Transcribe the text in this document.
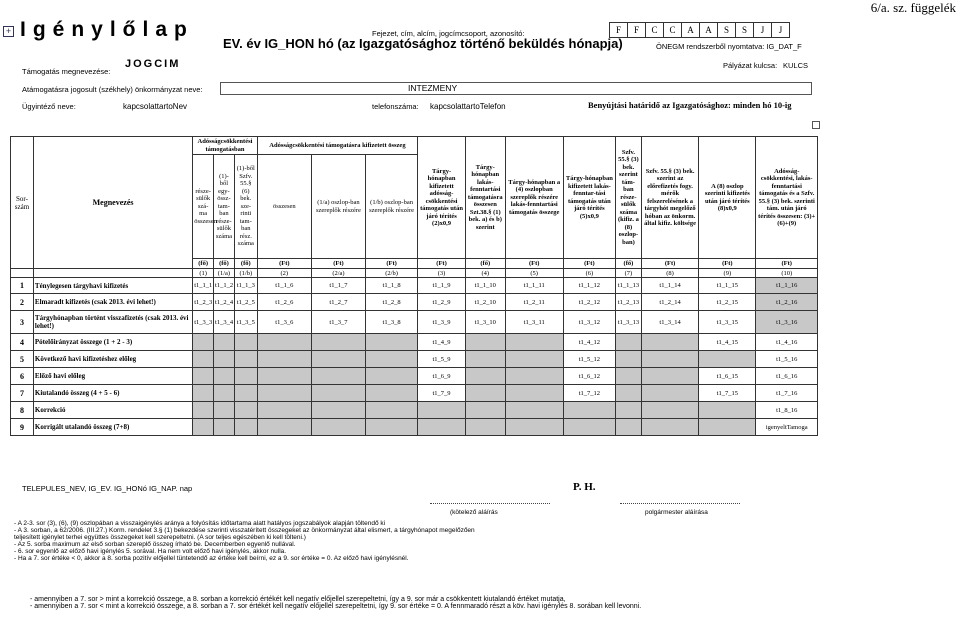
6/a. sz. függelék
+ Igénylőlap	Fejezet, cím, alcím, jogcímcsoport, azonosító:	F	F	C	C	A	A	S	S	J	J
EV. év IG_HON hó (az Igazgatósághoz történő beküldés hónapja)	ÖNEGM rendszerből nyomtatva: IG_DAT_F
Támogatás megnevezése:
JOGCIM	Pályázat kulcsa: KULCS
Atámogatásra jogosult (székhely) önkormányzat neve:	INTEZMENY
Ügyintéző neve:	kapcsolattartoNev	telefonszáma: kapcsolattartoTelefon	Benyújtási határidő az Igazgatósághoz: minden hó 10-ig
Sor-szám	Megnevezés	Adósságcsökkentési támogatásban			Adósságcsökkentési támogatásra kifizetett összeg			Tárgy-hónapban kifizetett adósság-csökkentési támogatás után járó térítés (2)x0,9	Tárgy-hónapban lakás-fenntartási támogatásra összesen Szt.38.§ (1) bek. a) és b) szerint	Tárgy-hónapban a (4) oszlopban szereplők részére lakás-fenntartási támogatás összege	Tárgy-hónapban kifizetett lakás-fenntar-tási támogatás után járó térítés (5)x0,9	Szfv. 55.§ (3) bek. szerint tám-ban része-sülők száma (kifiz. a (8) oszlop-ban)	Szfv. 55.§ (3) bek. szerint az előrefizetés fogy. mérők felszerelésének a tárgyhót megelőző hóban az önkorm. által kifiz. költsége	A (8) oszlop szerinti kifizetés után járó térítés (8)x0,9	Adósság-csökkentési, lakás-fenntartási támogatás és a Szfv. 55.§ (3) bek. szerinti tám. után járó térítés összesen: (3)+(6)+(9)
		része-sülők szá-ma összesen	(1)-ből egy-össz-tam-ban része-sülők száma	(1)-ből Szfv. 55.§ (6) bek. sze-rinti tam-ban rész. száma	összesen	(1/a) oszlop-ban szereplők részére	(1/b) oszlop-ban szereplők részére								
		(fő)	(fő)	(fő)	(Ft)	(Ft)	(Ft)	(Ft)	(fő)	(Ft)	(Ft)	(fő)	(Ft)	(Ft)	(Ft)
		(1)	(1/a)	(1/b)	(2)	(2/a)	(2/b)	(3)	(4)	(5)	(6)	(7)	(8)	(9)	(10)
1	Ténylegesen tárgyhavi kifizetés	t1_1_1	t1_1_2	t1_1_3	t1_1_6	t1_1_7	t1_1_8	t1_1_9	t1_1_10	t1_1_11	t1_1_12	t1_1_13	t1_1_14	t1_1_15	t1_1_16
2	Elmaradt kifizetés (csak 2013. évi lehet!)	t1_2_3	t1_2_4	t1_2_5	t1_2_6	t1_2_7	t1_2_8	t1_2_9	t1_2_10	t1_2_11	t1_2_12	t1_2_13	t1_2_14	t1_2_15	t1_2_16
3	Tárgyhónapban történt visszafizetés (csak 2013. évi lehet!)	t1_3_3	t1_3_4	t1_3_5	t1_3_6	t1_3_7	t1_3_8	t1_3_9	t1_3_10	t1_3_11	t1_3_12	t1_3_13	t1_3_14	t1_3_15	t1_3_16
4	Pótelőirányzat összege (1 + 2 - 3)							t1_4_9			t1_4_12			t1_4_15	t1_4_16
5	Következő havi kifizetéshez előleg							t1_5_9			t1_5_12				t1_5_16
6	Előző havi előleg							t1_6_9			t1_6_12			t1_6_15	t1_6_16
7	Kiutalandó összeg (4 + 5 - 6)							t1_7_9			t1_7_12			t1_7_15	t1_7_16
8	Korrekció														t1_8_16
9	Korrigált utalandó összeg (7+8)														igenyeltTamoga
TELEPULES_NEV, IG_EV. IG_HONó IG_NAP. nap	P. H.
(kötelező aláírás	polgármester aláírása
- A 2-3. sor (3), (6), (9) oszlopában a visszaigénylés aránya a folyósítás időtartama alatt hatályos jogszabályok alapján töltendő ki
- A 3. sorban, a 62/2006. (III.27.) Korm. rendelet 3.§ (1) bekezdése szerinti visszatérített összegeket az önkormányzat által elismert, a tárgyhónapot megelőzően
teljesített igénylet terhei együttes összegeket kell szerepeltetni. (A sor teljes egészében ki kell tölteni.)
- Az 5. sorba maximum az első sorban szereplő összeg írható be. Decemberben egyenlő nullával.
- 6. sor egyenlő az előző havi igénylés 5. sorával. Ha nem volt előző havi igénylés, akkor nulla.
- Ha a 7. sor értéke < 0, akkor a 8. sorba pozitív előjellel tüntetendő az értéke kell beírni, ez a 9. sor értéke = 0. Az előző havi igénylésnél.
- amennyiben a 7. sor > mint a korrekció összege, a 8. sorban a korrekció értékét kell negatív előjellel szerepeltetni, így a 9. sor már a csökkentett kiutalandó értéket mutatja,
- amennyiben a 7. sor < mint a korrekció összege, a 8. sorban a 7. sor értékét kell negatív előjellel szerepeltetni, így 9. sor értéke = 0. A fennmaradó részt a köv. havi igénylés 8. sorában kell levonni.
